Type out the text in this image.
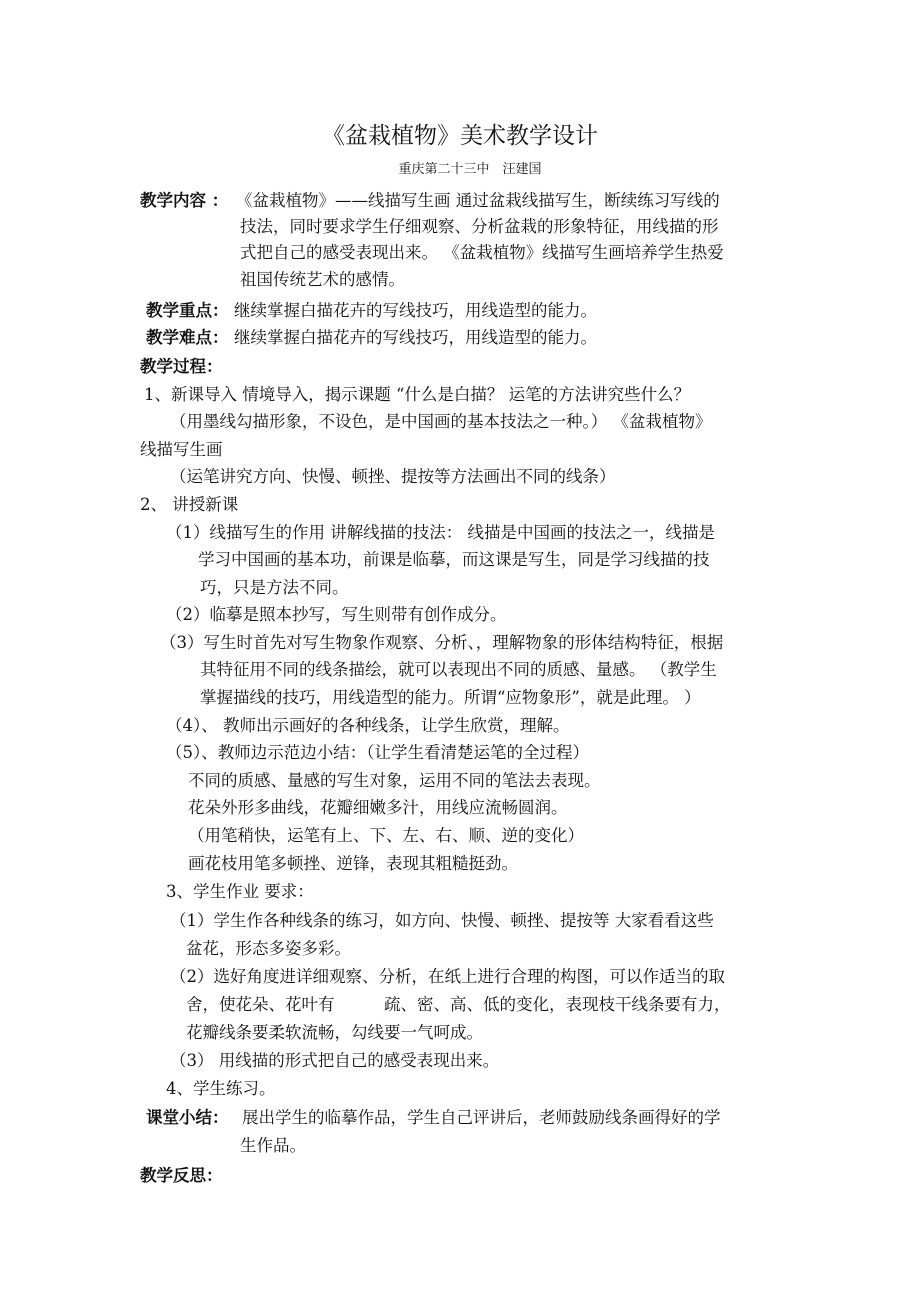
《盆栽植物》美术教学设计
重庆第二十三中　汪建国
教学内容 ： 《盆栽植物》——线描写生画 通过盆栽线描写生，断续练习写线的
技法，同时要求学生仔细观察、分析盆栽的形象特征，用线描的形
式把自己的感受表现出来。 《盆栽植物》线描写生画培养学生热爱
祖国传统艺术的感情。
教学重点： 继续掌握白描花卉的写线技巧，用线造型的能力。
教学难点： 继续掌握白描花卉的写线技巧，用线造型的能力。
教学过程：
1、新课导入 情境导入，揭示课题 “什么是白描？ 运笔的方法讲究些什么？
（用墨线勾描形象，不设色，是中国画的基本技法之一种。） 《盆栽植物》
线描写生画
（运笔讲究方向、快慢、顿挫、提按等方法画出不同的线条）
2、 讲授新课
（1）线描写生的作用 讲解线描的技法： 线描是中国画的技法之一，线描是
学习中国画的基本功，前课是临摹，而这课是写生，同是学习线描的技
巧，只是方法不同。
（2）临摹是照本抄写，写生则带有创作成分。
（3）写生时首先对写生物象作观察、分析、，理解物象的形体结构特征，根据
其特征用不同的线条描绘，就可以表现出不同的质感、量感。 （教学生
掌握描线的技巧，用线造型的能力。所谓“应物象形”，就是此理。 ）
（4）、 教师出示画好的各种线条，让学生欣赏，理解。
（5）、教师边示范边小结：（让学生看清楚运笔的全过程）
不同的质感、量感的写生对象，运用不同的笔法去表现。
花朵外形多曲线，花瓣细嫩多汁，用线应流畅圆润。
（用笔稍快，运笔有上、下、左、右、顺、逆的变化）
画花枝用笔多顿挫、逆锋，表现其粗糙挺劲。
3、学生作业 要求：
（1）学生作各种线条的练习，如方向、快慢、顿挫、提按等 大家看看这些
盆花，形态多姿多彩。
（2）选好角度进详细观察、分析，在纸上进行合理的构图，可以作适当的取
舍，使花朵、花叶有　　　疏、密、高、低的变化，表现枝干线条要有力，
花瓣线条要柔软流畅，勾线要一气呵成。
（3） 用线描的形式把自己的感受表现出来。
4、学生练习。
课堂小结： 展出学生的临摹作品，学生自己评讲后，老师鼓励线条画得好的学
生作品。
教学反思：
